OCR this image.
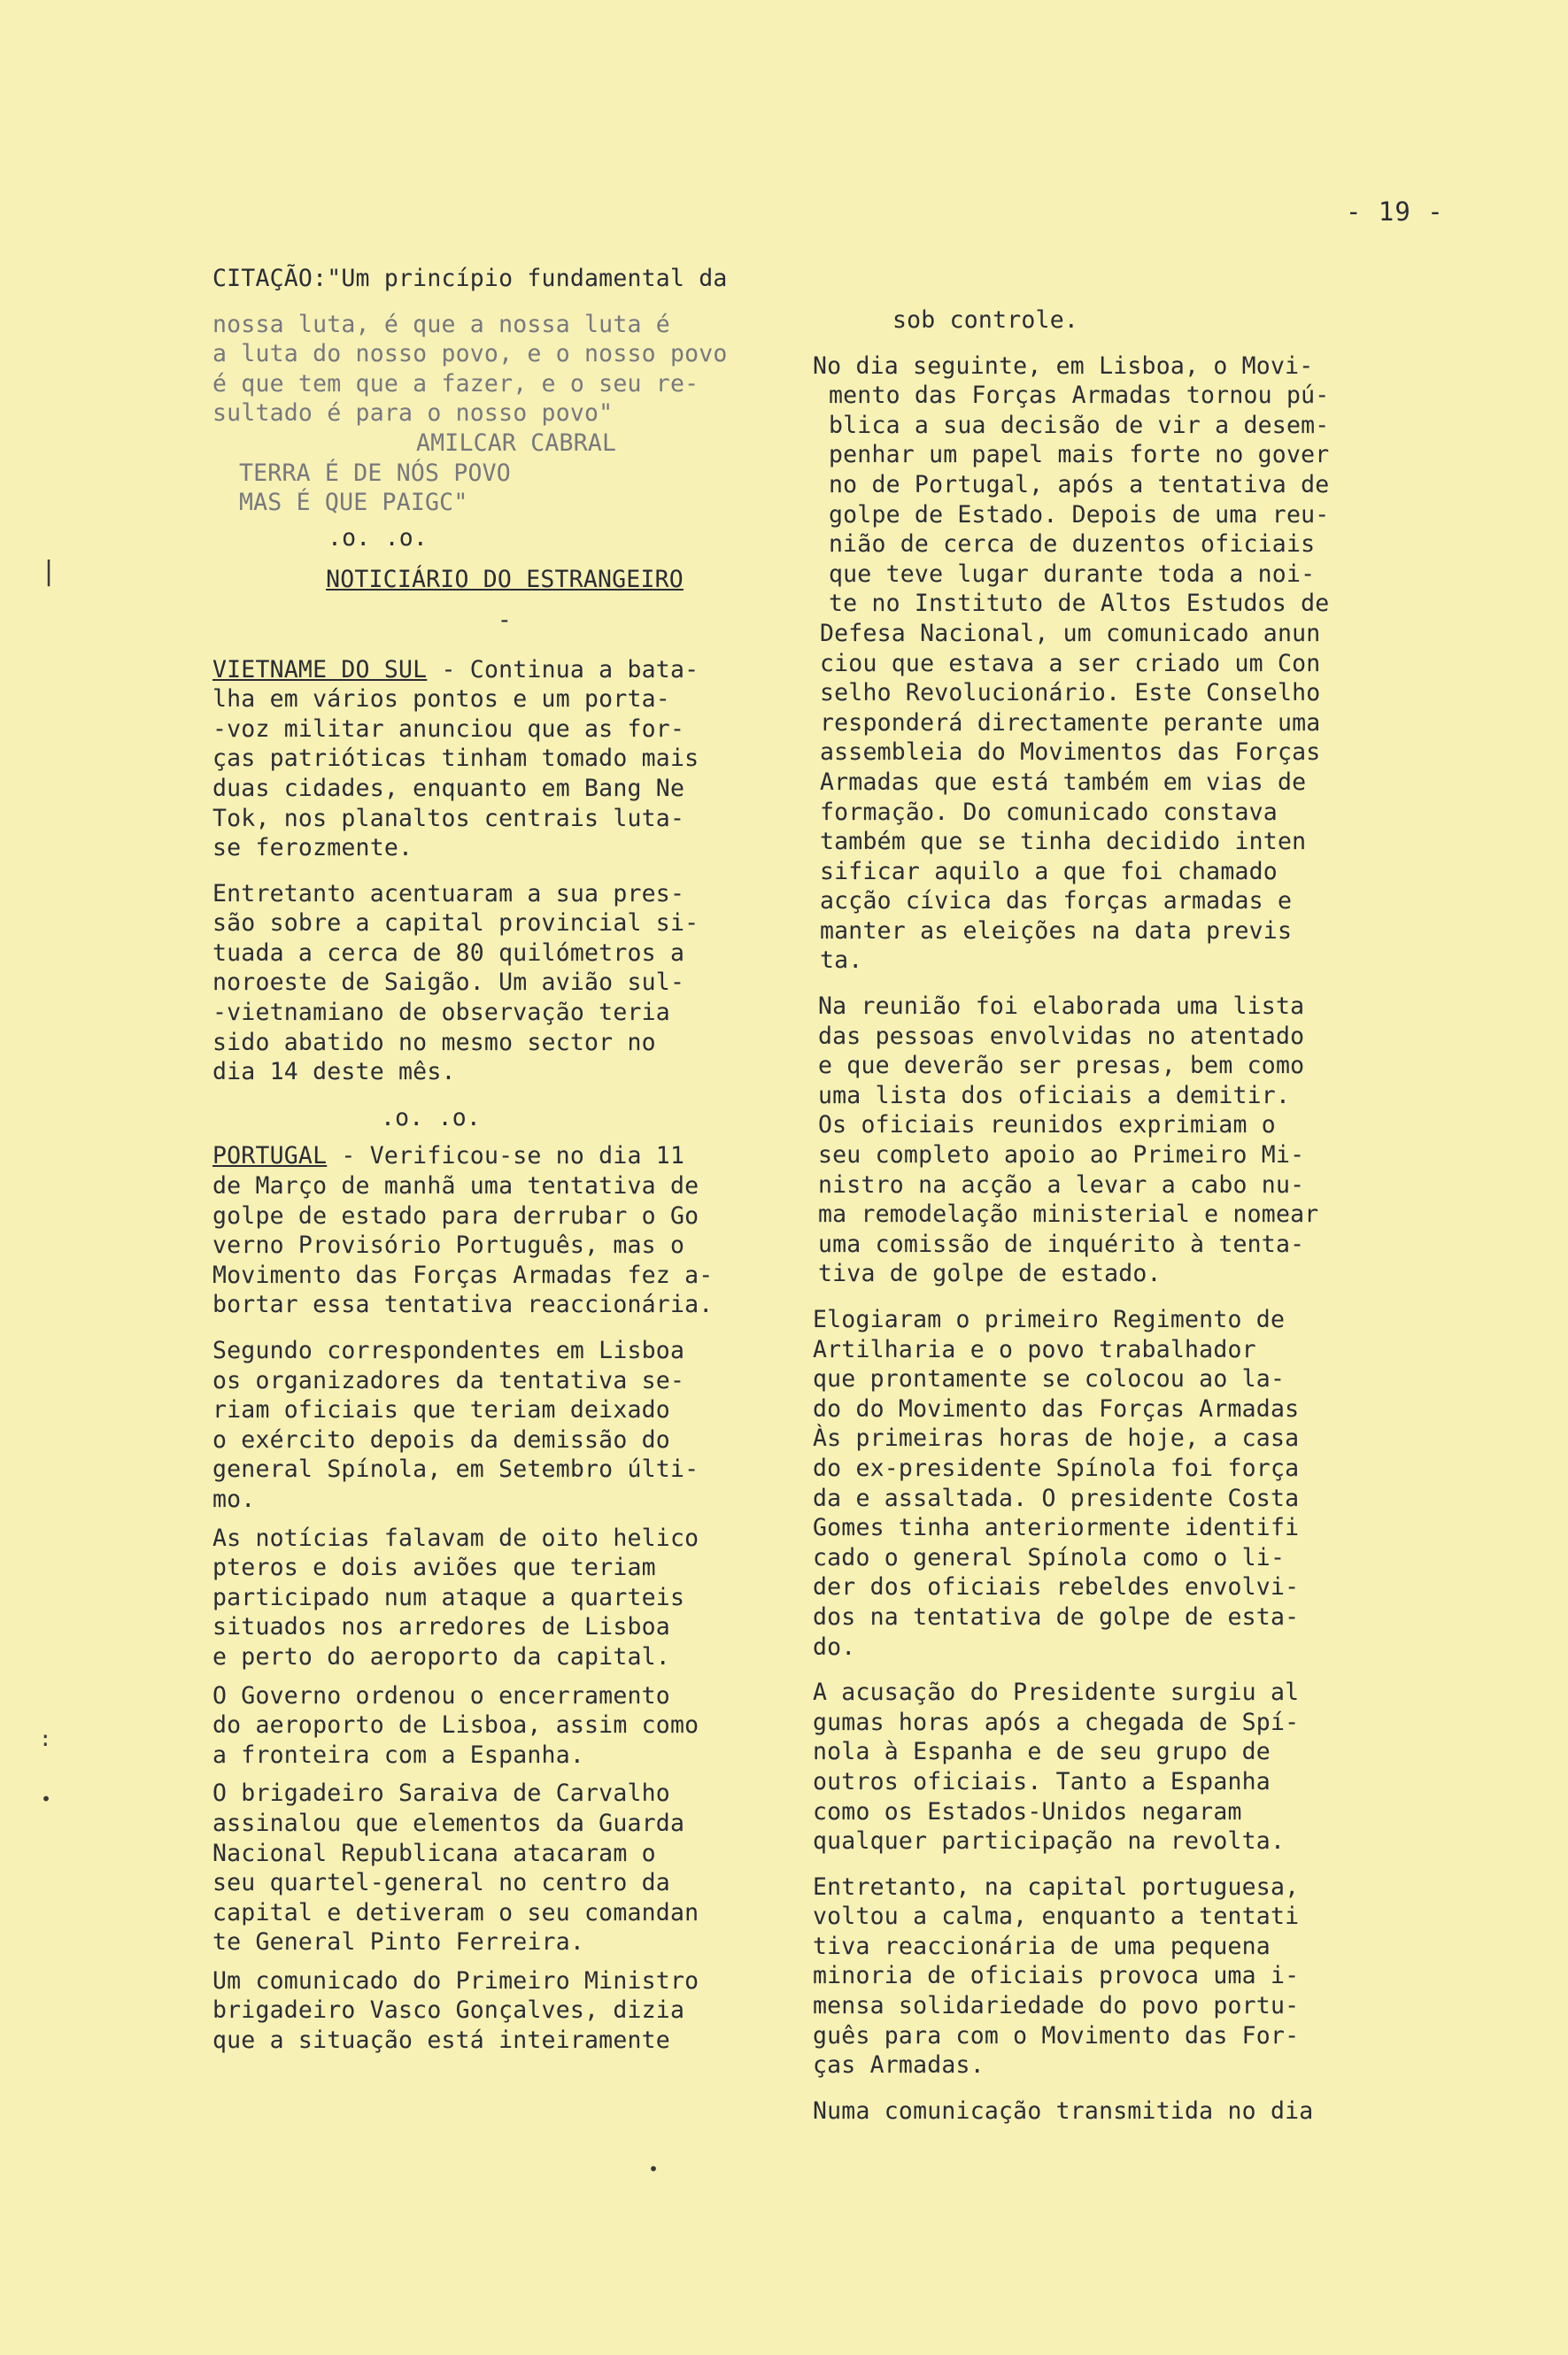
- 19 -
CITAÇÃO:"Um princípio fundamental da
nossa luta, é que a nossa luta é
a luta do nosso povo, e o nosso povo
é que tem que a fazer, e o seu re-
sultado é para o nosso povo"
AMILCAR CABRAL
TERRA É DE NÓS POVO
MAS É QUE PAIGC"
.o. .o.
NOTICIÁRIO DO ESTRANGEIRO
-

VIETNAME DO SUL - Continua a bata-
lha em vários pontos e um porta-
-voz militar anunciou que as for-
ças patrióticas tinham tomado mais
duas cidades, enquanto em Bang Ne
Tok, nos planaltos centrais luta-
se ferozmente.

Entretanto acentuaram a sua pres-
são sobre a capital provincial si-
tuada a cerca de 80 quilómetros a
noroeste de Saigão. Um avião sul-
-vietnamiano de observação teria
sido abatido no mesmo sector no
dia 14 deste mês.

.o. .o.

PORTUGAL - Verificou-se no dia 11
de Março de manhã uma tentativa de
golpe de estado para derrubar o Go
verno Provisório Português, mas o
Movimento das Forças Armadas fez a-
bortar essa tentativa reaccionária.

Segundo correspondentes em Lisboa
os organizadores da tentativa se-
riam oficiais que teriam deixado
o exército depois da demissão do
general Spínola, em Setembro últi-
mo.

As notícias falavam de oito helico
pteros e dois aviões que teriam
participado num ataque a quarteis
situados nos arredores de Lisboa
e perto do aeroporto da capital.

O Governo ordenou o encerramento
do aeroporto de Lisboa, assim como
a fronteira com a Espanha.

O brigadeiro Saraiva de Carvalho
assinalou que elementos da Guarda
Nacional Republicana atacaram o
seu quartel-general no centro da
capital e detiveram o seu comandan
te General Pinto Ferreira.

Um comunicado do Primeiro Ministro
brigadeiro Vasco Gonçalves, dizia
que a situação está inteiramente

sob controle.

No dia seguinte, em Lisboa, o Movi-
mento das Forças Armadas tornou pú-
blica a sua decisão de vir a desem-
penhar um papel mais forte no gover
no de Portugal, após a tentativa de
golpe de Estado. Depois de uma reu-
nião de cerca de duzentos oficiais
que teve lugar durante toda a noi-
te no Instituto de Altos Estudos de
Defesa Nacional, um comunicado anun
ciou que estava a ser criado um Con
selho Revolucionário. Este Conselho
responderá directamente perante uma
assembleia do Movimentos das Forças
Armadas que está também em vias de
formação. Do comunicado constava
também que se tinha decidido inten
sificar aquilo a que foi chamado
acção cívica das forças armadas e
manter as eleições na data previs
ta.

Na reunião foi elaborada uma lista
das pessoas envolvidas no atentado
e que deverão ser presas, bem como
uma lista dos oficiais a demitir.
Os oficiais reunidos exprimiam o
seu completo apoio ao Primeiro Mi-
nistro na acção a levar a cabo nu-
ma remodelação ministerial e nomear
uma comissão de inquérito à tenta-
tiva de golpe de estado.

Elogiaram o primeiro Regimento de
Artilharia e o povo trabalhador
que prontamente se colocou ao la-
do do Movimento das Forças Armadas
Às primeiras horas de hoje, a casa
do ex-presidente Spínola foi força
da e assaltada. O presidente Costa
Gomes tinha anteriormente identifi
cado o general Spínola como o li-
der dos oficiais rebeldes envolvi-
dos na tentativa de golpe de esta-
do.

A acusação do Presidente surgiu al
gumas horas após a chegada de Spí-
nola à Espanha e de seu grupo de
outros oficiais. Tanto a Espanha
como os Estados-Unidos negaram
qualquer participação na revolta.

Entretanto, na capital portuguesa,
voltou a calma, enquanto a tentati
tiva reaccionária de uma pequena
minoria de oficiais provoca uma i-
mensa solidariedade do povo portu-
guês para com o Movimento das For-
ças Armadas.

Numa comunicação transmitida no dia

|
:
•
•
